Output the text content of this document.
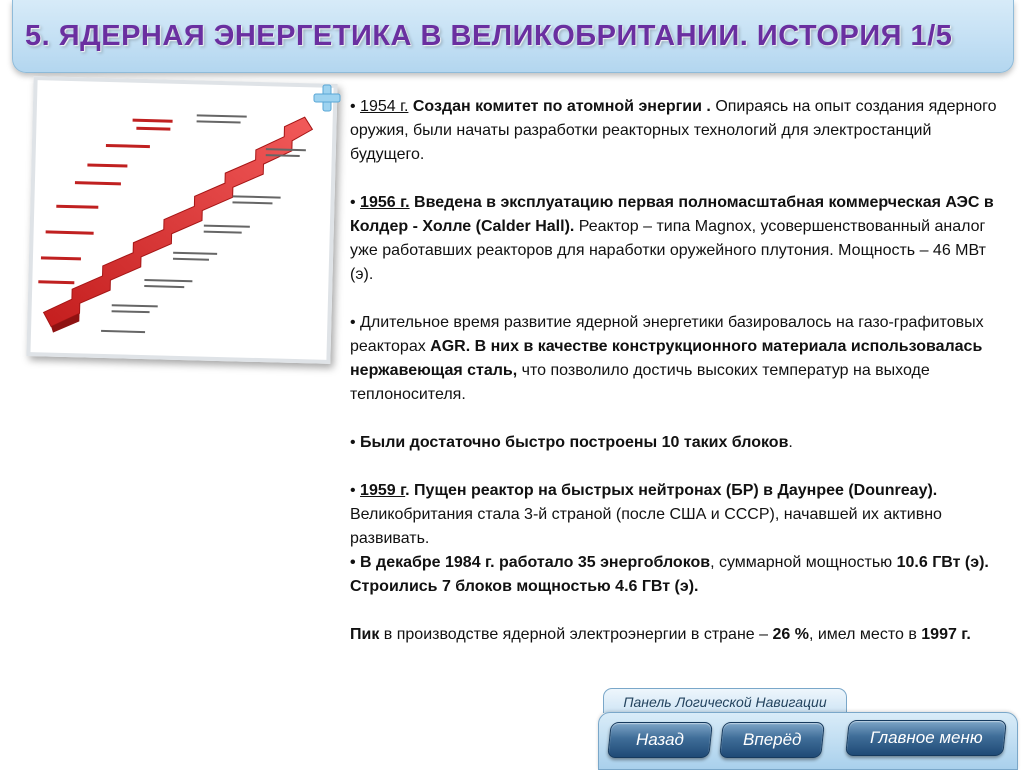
5. ЯДЕРНАЯ ЭНЕРГЕТИКА В ВЕЛИКОБРИТАНИИ. ИСТОРИЯ 1/5

• 1954 г. Создан комитет по атомной энергии . Опираясь на опыт создания ядерного оружия, были начаты разработки реакторных технологий для электростанций будущего.

• 1956 г. Введена в эксплуатацию первая полномасштабная коммерческая АЭС в Колдер - Холле (Calder Hall). Реактор – типа Magnox, усовершенствованный аналог уже работавших реакторов для наработки оружейного плутония. Мощность – 46 МВт (э).

• Длительное время развитие ядерной энергетики базировалось на газо-графитовых реакторах AGR. В них в качестве конструкционного материала использовалась нержавеющая сталь, что позволило достичь высоких температур на выходе теплоносителя.

• Были достаточно быстро построены 10 таких блоков.

• 1959 г. Пущен реактор на быстрых нейтронах (БР) в Даунрее (Dounreay). Великобритания стала 3-й страной (после США и СССР), начавшей их активно развивать.

• В декабре 1984 г. работало 35 энергоблоков, суммарной мощностью 10.6 ГВт (э). Строились 7 блоков мощностью 4.6 ГВт (э).

Пик в производстве ядерной электроэнергии в стране – 26 %, имел место в 1997 г.

Панель Логической Навигации
Назад	Вперёд	Главное меню
